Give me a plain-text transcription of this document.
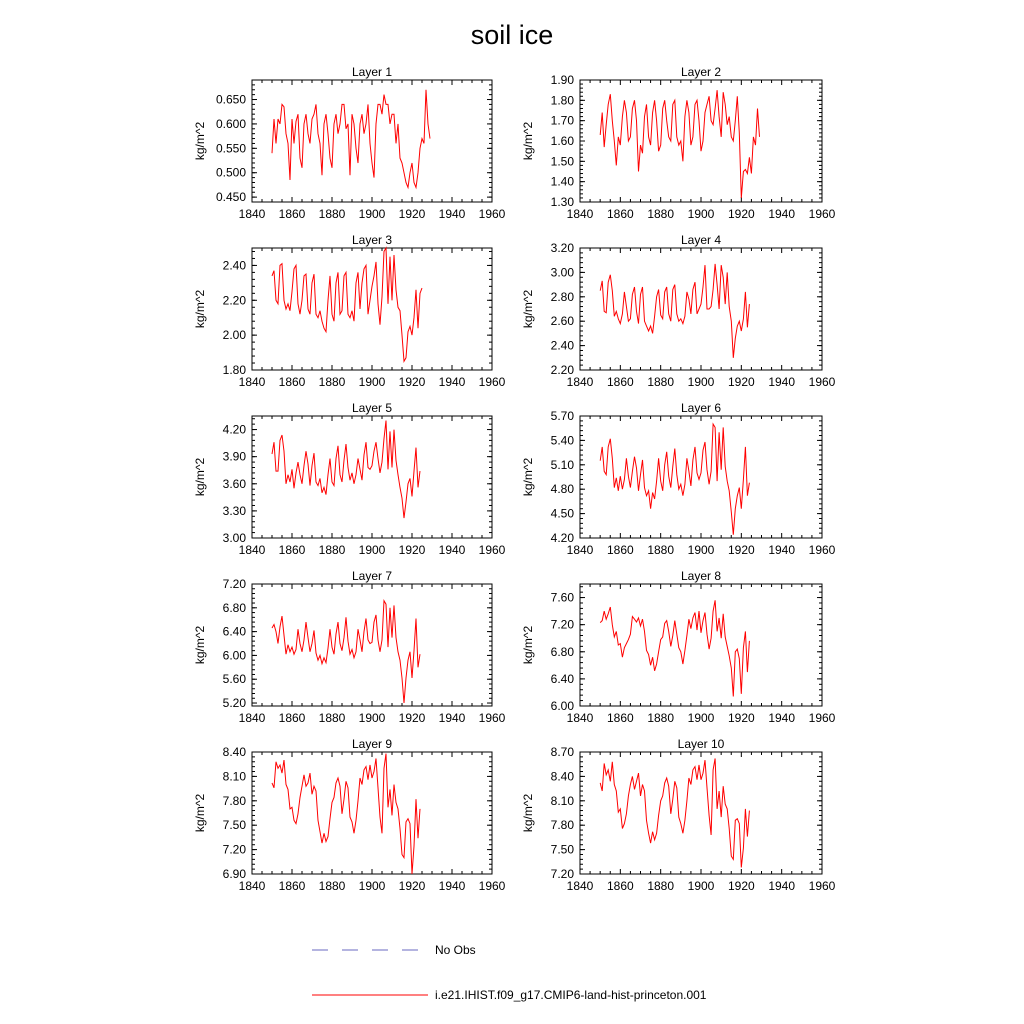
soil ice
Layer 1
kg/m^2
1840 1860 1880 1900 1920 1940 1960
0.450
0.500
0.550
0.600
0.650
Layer 2
kg/m^2
1840 1860 1880 1900 1920 1940 1960
1.30
1.40
1.50
1.60
1.70
1.80
1.90
Layer 3
kg/m^2
1840 1860 1880 1900 1920 1940 1960
1.80
2.00
2.20
2.40
Layer 4
kg/m^2
1840 1860 1880 1900 1920 1940 1960
2.20
2.40
2.60
2.80
3.00
3.20
Layer 5
kg/m^2
1840 1860 1880 1900 1920 1940 1960
3.00
3.30
3.60
3.90
4.20
Layer 6
kg/m^2
1840 1860 1880 1900 1920 1940 1960
4.20
4.50
4.80
5.10
5.40
5.70
Layer 7
kg/m^2
1840 1860 1880 1900 1920 1940 1960
5.20
5.60
6.00
6.40
6.80
7.20
Layer 8
kg/m^2
1840 1860 1880 1900 1920 1940 1960
6.00
6.40
6.80
7.20
7.60
Layer 9
kg/m^2
1840 1860 1880 1900 1920 1940 1960
6.90
7.20
7.50
7.80
8.10
8.40
Layer 10
kg/m^2
1840 1860 1880 1900 1920 1940 1960
7.20
7.50
7.80
8.10
8.40
8.70
No Obs
i.e21.IHIST.f09_g17.CMIP6-land-hist-princeton.001
